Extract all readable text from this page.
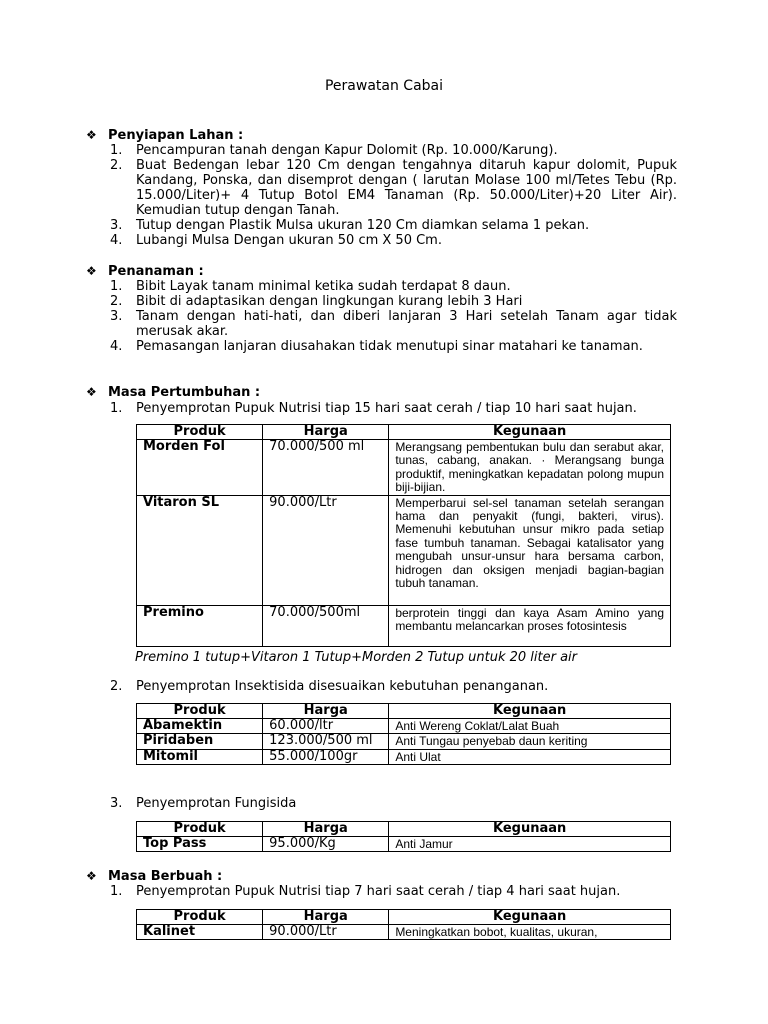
Perawatan Cabai
❖ Penyiapan Lahan :
1. Pencampuran tanah dengan Kapur Dolomit (Rp. 10.000/Karung).
2. Buat Bedengan lebar 120 Cm dengan tengahnya ditaruh kapur dolomit, Pupuk Kandang, Ponska, dan disemprot dengan ( larutan Molase 100 ml/Tetes Tebu (Rp. 15.000/Liter)+ 4 Tutup Botol EM4 Tanaman (Rp. 50.000/Liter)+20 Liter Air). Kemudian tutup dengan Tanah.
3. Tutup dengan Plastik Mulsa ukuran 120 Cm diamkan selama 1 pekan.
4. Lubangi Mulsa Dengan ukuran 50 cm X 50 Cm.
❖ Penanaman :
1. Bibit Layak tanam minimal ketika sudah terdapat 8 daun.
2. Bibit di adaptasikan dengan lingkungan kurang lebih 3 Hari
3. Tanam dengan hati-hati, dan diberi lanjaran 3 Hari setelah Tanam agar tidak merusak akar.
4. Pemasangan lanjaran diusahakan tidak menutupi sinar matahari ke tanaman.
❖ Masa Pertumbuhan :
1. Penyemprotan Pupuk Nutrisi tiap 15 hari saat cerah / tiap 10 hari saat hujan.
Produk	Harga	Kegunaan
Morden Fol	70.000/500 ml	Merangsang pembentukan bulu dan serabut akar, tunas, cabang, anakan. · Merangsang bunga produktif, meningkatkan kepadatan polong mupun biji-bijian.
Vitaron SL	90.000/Ltr	Memperbarui sel-sel tanaman setelah serangan hama dan penyakit (fungi, bakteri, virus). Memenuhi kebutuhan unsur mikro pada setiap fase tumbuh tanaman. Sebagai katalisator yang mengubah unsur-unsur hara bersama carbon, hidrogen dan oksigen menjadi bagian-bagian tubuh tanaman.
Premino	70.000/500ml	berprotein tinggi dan kaya Asam Amino yang membantu melancarkan proses fotosintesis
Premino 1 tutup+Vitaron 1 Tutup+Morden 2 Tutup untuk 20 liter air
2. Penyemprotan Insektisida disesuaikan kebutuhan penanganan.
Produk	Harga	Kegunaan
Abamektin	60.000/ltr	Anti Wereng Coklat/Lalat Buah
Piridaben	123.000/500 ml	Anti Tungau penyebab daun keriting
Mitomil	55.000/100gr	Anti Ulat
3. Penyemprotan Fungisida
Produk	Harga	Kegunaan
Top Pass	95.000/Kg	Anti Jamur
❖ Masa Berbuah :
1. Penyemprotan Pupuk Nutrisi tiap 7 hari saat cerah / tiap 4 hari saat hujan.
Produk	Harga	Kegunaan
Kalinet	90.000/Ltr	Meningkatkan bobot, kualitas, ukuran,
